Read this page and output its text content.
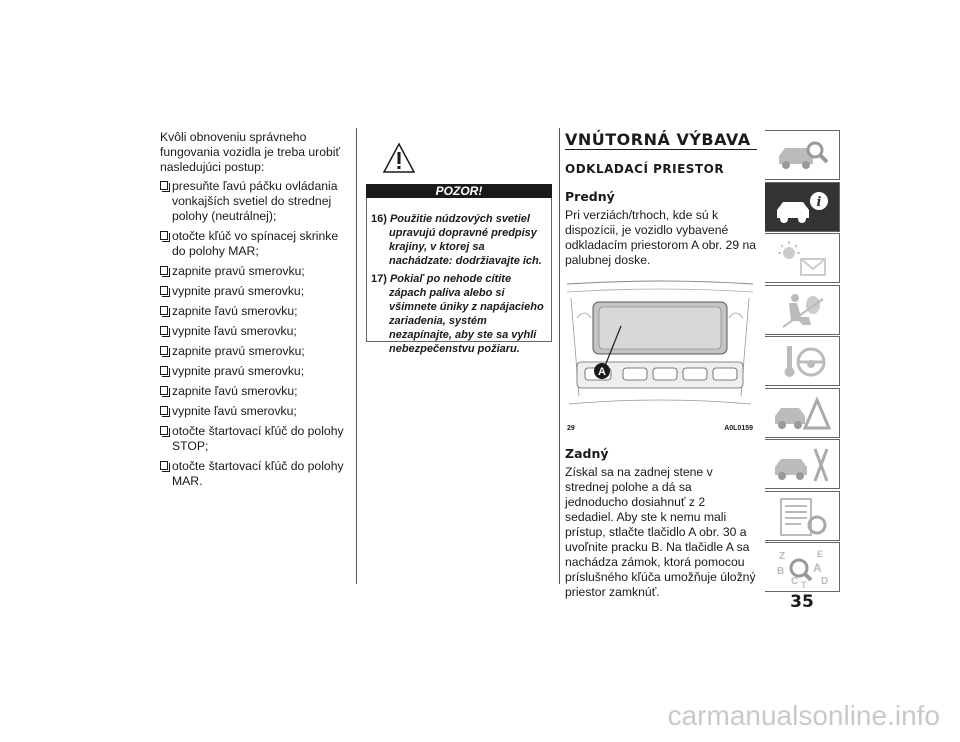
Kvôli obnoveniu správneho fungovania vozidla je treba urobiť nasledujúci postup:

presuňte ľavú páčku ovládania vonkajších svetiel do strednej polohy (neutrálnej);
otočte kľúč vo spínacej skrinke do polohy MAR;
zapnite pravú smerovku;
vypnite pravú smerovku;
zapnite ľavú smerovku;
vypnite ľavú smerovku;
zapnite pravú smerovku;
vypnite pravú smerovku;
zapnite ľavú smerovku;
vypnite ľavú smerovku;
otočte štartovací kľúč do polohy STOP;
otočte štartovací kľúč do polohy MAR.
POZOR!

16) Použitie núdzových svetiel upravujú dopravné predpisy krajiny, v ktorej sa nachádzate: dodržiavajte ich.

17) Pokiaľ po nehode cítite zápach paliva alebo si všimnete úniky z napájacieho zariadenia, systém nezapínajte, aby ste sa vyhli nebezpečenstvu požiaru.

VNÚTORNÁ VÝBAVA
ODKLADACÍ PRIESTOR
Predný

Pri verziách/trhoch, kde sú k dispozícii, je vozidlo vybavené odkladacím priestorom A obr. 29 na palubnej doske.

A
29	A0L0159
Zadný

Získal sa na zadnej stene v strednej polohe a dá sa jednoducho dosiahnuť z 2 sedadiel. Aby ste k nemu mali prístup, stlačte tlačidlo A obr. 30 a uvoľnite pracku B. Na tlačidle A sa nachádza zámok, ktorá pomocou príslušného kľúča umožňuje úložný priestor zamknúť.

i
Z	E
B A
C D
T
35
carmanualsonline.info
